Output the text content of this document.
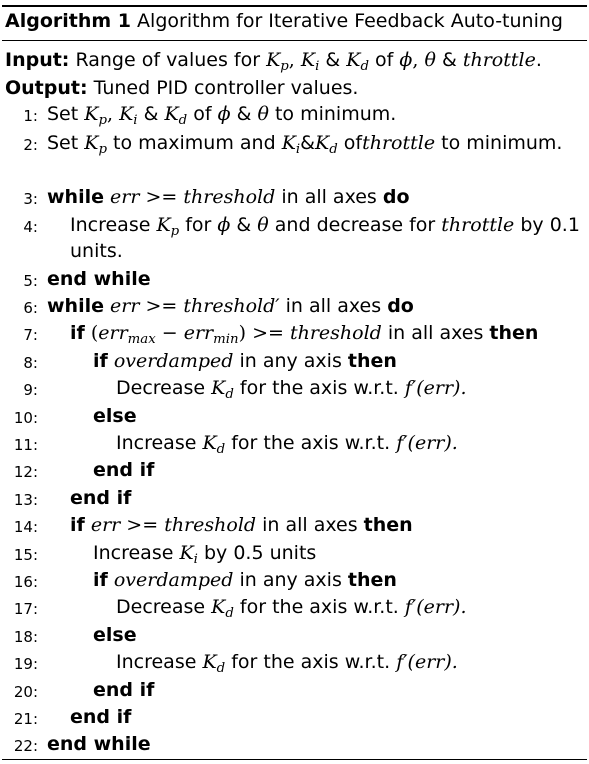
Algorithm 1 Algorithm for Iterative Feedback Auto-tuning
Input: Range of values for $K_p$, $K_i$ & $K_d$ of ϕ, θ & throttle.
Output: Tuned PID controller values.
1: Set $K_p$, $K_i$ & $K_d$ of ϕ & θ to minimum.
2: Set $K_p$ to maximum and $K_i\&K_d$ ofthrottle to minimum.
3: while err >= threshold in all axes do
4: Increase $K_p$ for ϕ & θ and decrease for throttle by 0.1
units.
5: end while
6: while err >= threshold′ in all axes do
7: if (err$_{max}$ − err$_{min}$) >= threshold in all axes then
8:	if overdamped in any axis then
9:	Decrease $K_d$ for the axis w.r.t. f′(err).
10:	else
11:	Increase $K_d$ for the axis w.r.t. f′(err).
12:	end if
13: end if
14: if err >= threshold in all axes then
15:	Increase $K_i$ by 0.5 units
16:	if overdamped in any axis then
17:	Decrease $K_d$ for the axis w.r.t. f′(err).
18:	else
19:	Increase $K_d$ for the axis w.r.t. f′(err).
20:	end if
21: end if
22: end while
